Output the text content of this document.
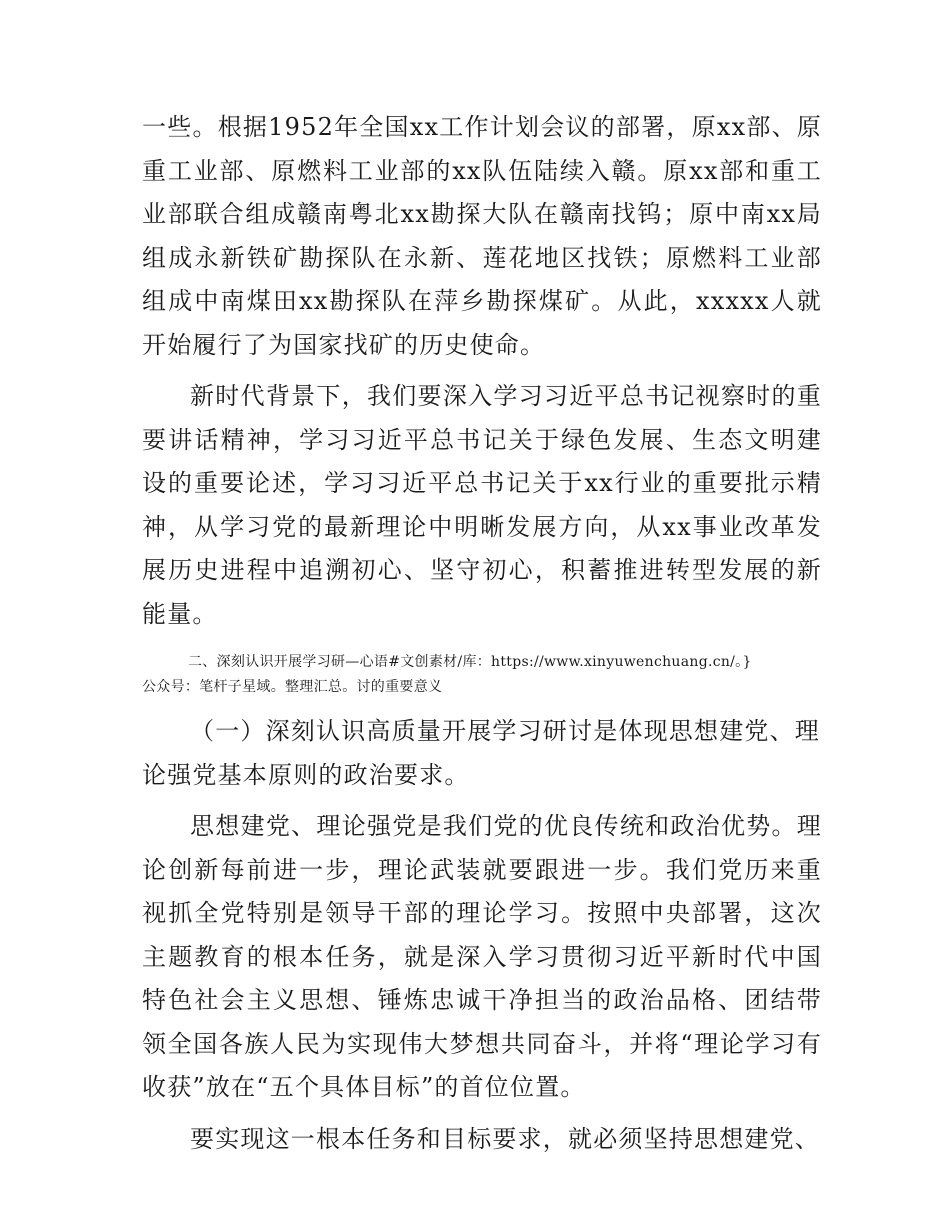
一些。根据1952年全国xx工作计划会议的部署，原xx部、原重工业部、原燃料工业部的xx队伍陆续入赣。原xx部和重工业部联合组成赣南粤北xx勘探大队在赣南找钨；原中南xx局组成永新铁矿勘探队在永新、莲花地区找铁；原燃料工业部组成中南煤田xx勘探队在萍乡勘探煤矿。从此，xxxxx人就开始履行了为国家找矿的历史使命。

新时代背景下，我们要深入学习习近平总书记视察时的重要讲话精神，学习习近平总书记关于绿色发展、生态文明建设的重要论述，学习习近平总书记关于xx行业的重要批示精神，从学习党的最新理论中明晰发展方向，从xx事业改革发展历史进程中追溯初心、坚守初心，积蓄推进转型发展的新能量。

二、深刻认识开展学习研—心语#文创素材/库：https://www.xinyuwenchuang.cn/。}
公众号：笔杆子星域。整理汇总。讨的重要意义

（一）深刻认识高质量开展学习研讨是体现思想建党、理论强党基本原则的政治要求。

思想建党、理论强党是我们党的优良传统和政治优势。理论创新每前进一步，理论武装就要跟进一步。我们党历来重视抓全党特别是领导干部的理论学习。按照中央部署，这次主题教育的根本任务，就是深入学习贯彻习近平新时代中国特色社会主义思想、锤炼忠诚干净担当的政治品格、团结带领全国各族人民为实现伟大梦想共同奋斗，并将“理论学习有收获”放在“五个具体目标”的首位位置。

要实现这一根本任务和目标要求，就必须坚持思想建党、
